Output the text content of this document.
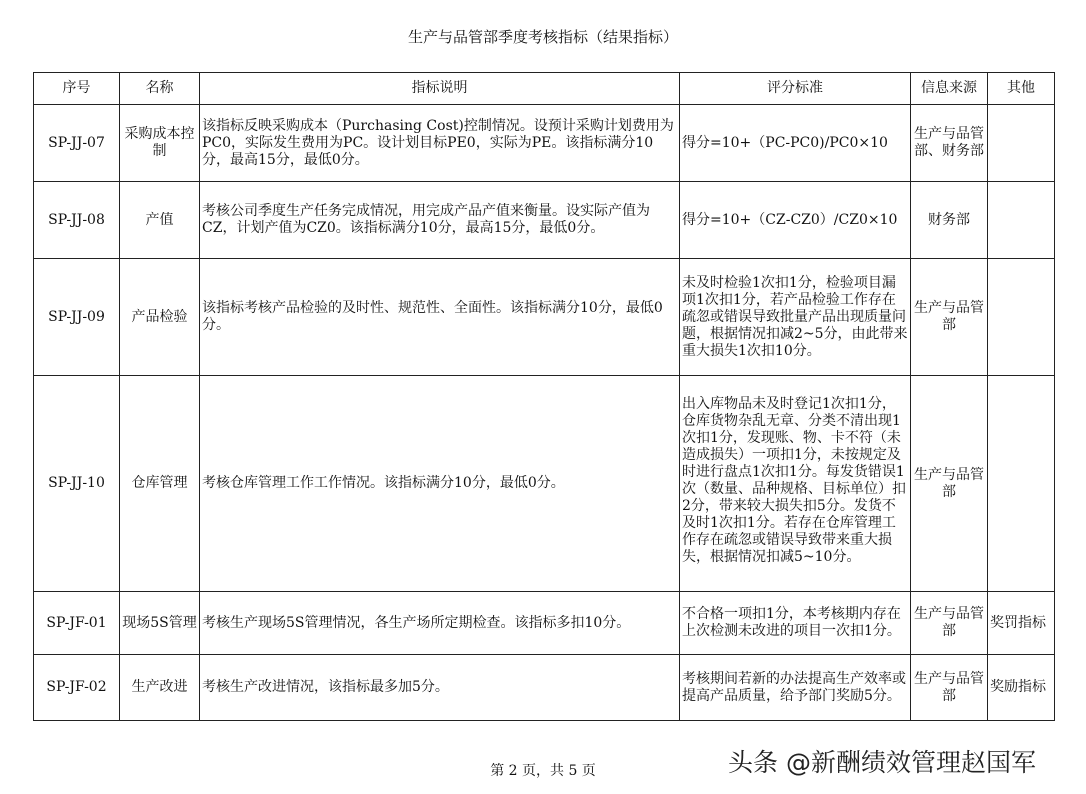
生产与品管部季度考核指标（结果指标）
序号	名称	指标说明	评分标准	信息来源	其他
SP-JJ-07	采购成本控制	该指标反映采购成本（Purchasing Cost)控制情况。设预计采购计划费用为PC0，实际发生费用为PC。设计划目标PE0，实际为PE。该指标满分10分，最高15分，最低0分。	得分=10+（PC-PC0)/PC0×10	生产与品管部、财务部	
SP-JJ-08	产值	考核公司季度生产任务完成情况，用完成产品产值来衡量。设实际产值为CZ，计划产值为CZ0。该指标满分10分，最高15分，最低0分。	得分=10+（CZ-CZ0）/CZ0×10	财务部	
SP-JJ-09	产品检验	该指标考核产品检验的及时性、规范性、全面性。该指标满分10分，最低0分。	未及时检验1次扣1分，检验项目漏项1次扣1分，若产品检验工作存在疏忽或错误导致批量产品出现质量问题，根据情况扣减2~5分，由此带来重大损失1次扣10分。	生产与品管部	
SP-JJ-10	仓库管理	考核仓库管理工作工作情况。该指标满分10分，最低0分。	出入库物品未及时登记1次扣1分，仓库货物杂乱无章、分类不清出现1次扣1分，发现账、物、卡不符（未造成损失）一项扣1分，未按规定及时进行盘点1次扣1分。每发货错误1次（数量、品种规格、目标单位）扣2分，带来较大损失扣5分。发货不及时1次扣1分。若存在仓库管理工作存在疏忽或错误导致带来重大损失，根据情况扣减5~10分。	生产与品管部	
SP-JF-01	现场5S管理	考核生产现场5S管理情况，各生产场所定期检查。该指标多扣10分。	不合格一项扣1分，本考核期内存在上次检测未改进的项目一次扣1分。	生产与品管部	奖罚指标
SP-JF-02	生产改进	考核生产改进情况，该指标最多加5分。	考核期间若新的办法提高生产效率或提高产品质量，给予部门奖励5分。	生产与品管部	奖励指标
第 2 页，共 5 页	头条 @新酬绩效管理赵国军
